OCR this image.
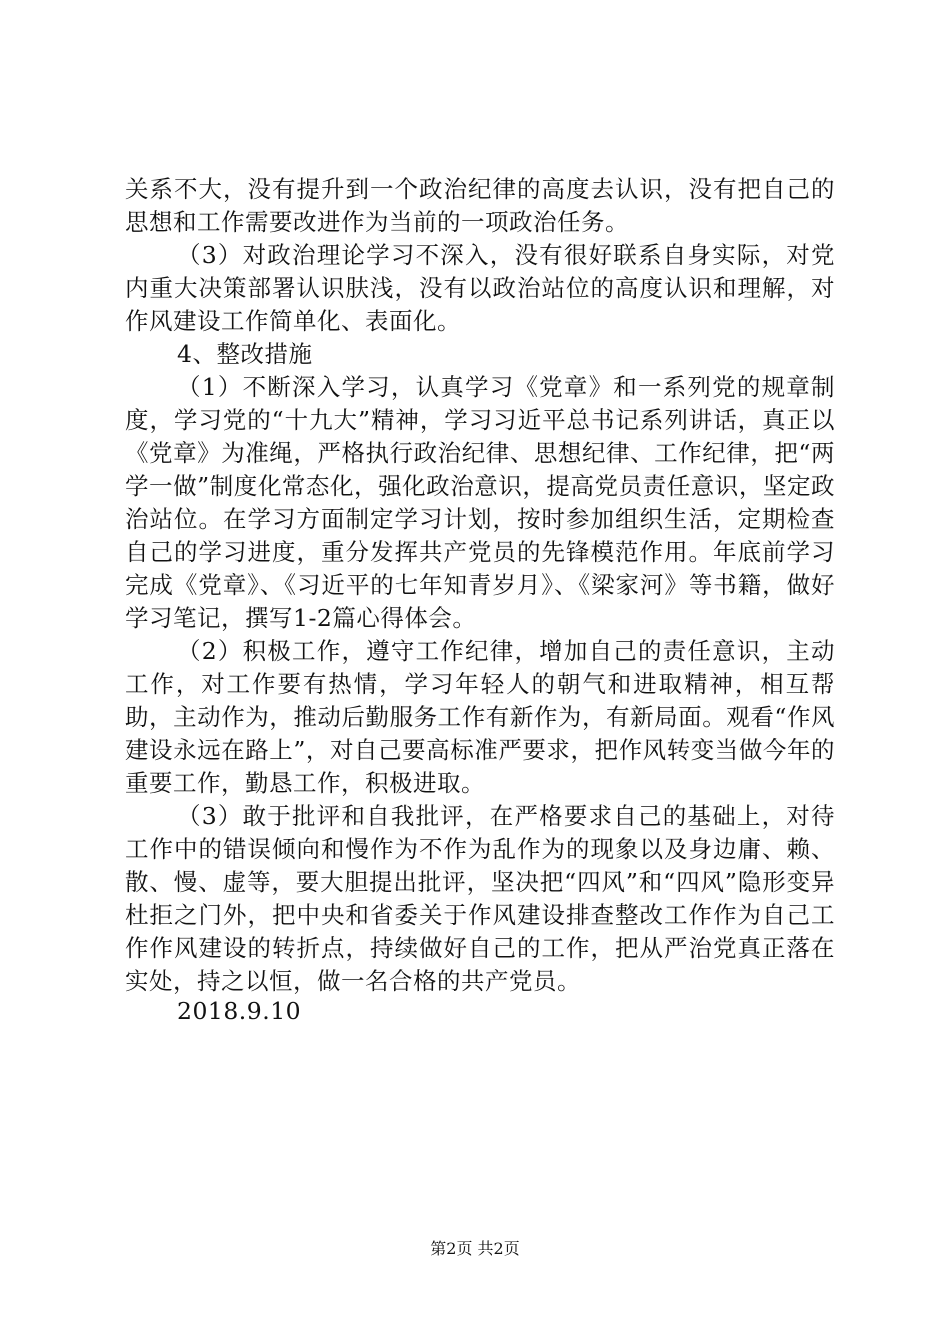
关系不大，没有提升到一个政治纪律的高度去认识，没有把自己的思想和工作需要改进作为当前的一项政治任务。

（3）对政治理论学习不深入，没有很好联系自身实际，对党内重大决策部署认识肤浅，没有以政治站位的高度认识和理解，对作风建设工作简单化、表面化。

4、整改措施

（1）不断深入学习，认真学习《党章》和一系列党的规章制度，学习党的“十九大”精神，学习习近平总书记系列讲话，真正以《党章》为准绳，严格执行政治纪律、思想纪律、工作纪律，把“两学一做”制度化常态化，强化政治意识，提高党员责任意识，坚定政治站位。在学习方面制定学习计划，按时参加组织生活，定期检查自己的学习进度，重分发挥共产党员的先锋模范作用。年底前学习完成《党章》、《习近平的七年知青岁月》、《梁家河》等书籍，做好学习笔记，撰写1-2篇心得体会。

（2）积极工作，遵守工作纪律，增加自己的责任意识，主动工作，对工作要有热情，学习年轻人的朝气和进取精神，相互帮助，主动作为，推动后勤服务工作有新作为，有新局面。观看“作风建设永远在路上”，对自己要高标准严要求，把作风转变当做今年的重要工作，勤恳工作，积极进取。

（3）敢于批评和自我批评，在严格要求自己的基础上，对待工作中的错误倾向和慢作为不作为乱作为的现象以及身边庸、赖、散、慢、虚等，要大胆提出批评，坚决把“四风”和“四风”隐形变异杜拒之门外，把中央和省委关于作风建设排查整改工作作为自己工作作风建设的转折点，持续做好自己的工作，把从严治党真正落在实处，持之以恒，做一名合格的共产党员。

2018.9.10
第2页 共2页
